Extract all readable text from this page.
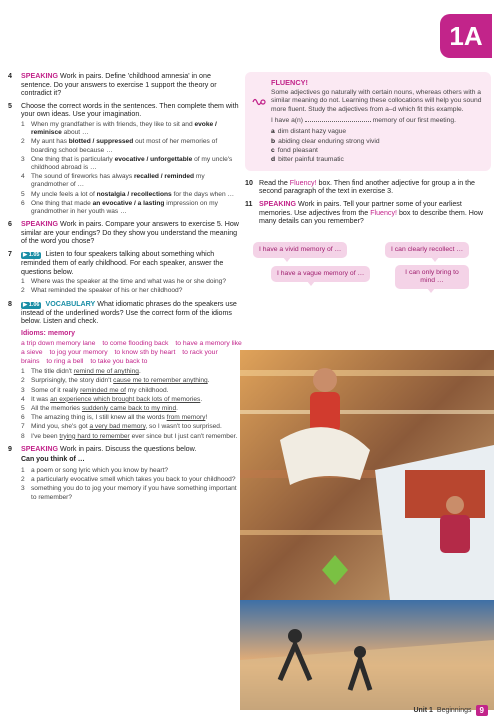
1A
4 SPEAKING Work in pairs. Define 'childhood amnesia' in one sentence. Do your answers to exercise 1 support the theory or contradict it?
5 Choose the correct words in the sentences. Then complete them with your own ideas. Use your imagination.
1 When my grandfather is with friends, they like to sit and evoke / reminisce about …
2 My aunt has blotted / suppressed out most of her memories of boarding school because …
3 One thing that is particularly evocative / unforgettable of my uncle's childhood abroad is …
4 The sound of fireworks has always recalled / reminded my grandmother of …
5 My uncle feels a lot of nostalgia / recollections for the days when …
6 One thing that made an evocative / a lasting impression on my grandmother in her youth was …
6 SPEAKING Work in pairs. Compare your answers to exercise 5. How similar are your endings? Do they show you understand the meaning of the word you chose?
7 ▶ 1.05 Listen to four speakers talking about something which reminded them of early childhood. For each speaker, answer the questions below.
1 Where was the speaker at the time and what was he or she doing?
2 What reminded the speaker of his or her childhood?
8 ▶ 1.06 VOCABULARY What idiomatic phrases do the speakers use instead of the underlined words? Use the correct form of the idioms below. Listen and check.
Idioms: memory
a trip down memory lane to come flooding back to have a memory like a sieve to jog your memory to know sth by heart to rack your brains to ring a bell to take you back to
1 The title didn't remind me of anything.
2 Surprisingly, the story didn't cause me to remember anything.
3 Some of it really reminded me of my childhood.
4 It was an experience which brought back lots of memories.
5 All the memories suddenly came back to my mind.
6 The amazing thing is, I still knew all the words from memory!
7 Mind you, she's got a very bad memory, so I wasn't too surprised.
8 I've been trying hard to remember ever since but I just can't remember.
9 SPEAKING Work in pairs. Discuss the questions below.
Can you think of …
1 a poem or song lyric which you know by heart?
2 a particularly evocative smell which takes you back to your childhood?
3 something you do to jog your memory if you have something important to remember?
FLUENCY!
Some adjectives go naturally with certain nouns, whereas others with a similar meaning do not. Learning these collocations will help you sound more fluent. Study the adjectives from a–d which fit this example.
I have a(n)	memory of our first meeting.
a dim distant hazy vague
b abiding clear enduring strong vivid
c fond pleasant
d bitter painful traumatic
10 Read the Fluency! box. Then find another adjective for group a in the second paragraph of the text in exercise 3.
11 SPEAKING Work in pairs. Tell your partner some of your earliest memories. Use adjectives from the Fluency! box to describe them. How many details can you remember?
I have a vivid memory of …	I can clearly recollect …
I have a vague memory of …	I can only bring to mind …
Unit 1 Beginnings	9
